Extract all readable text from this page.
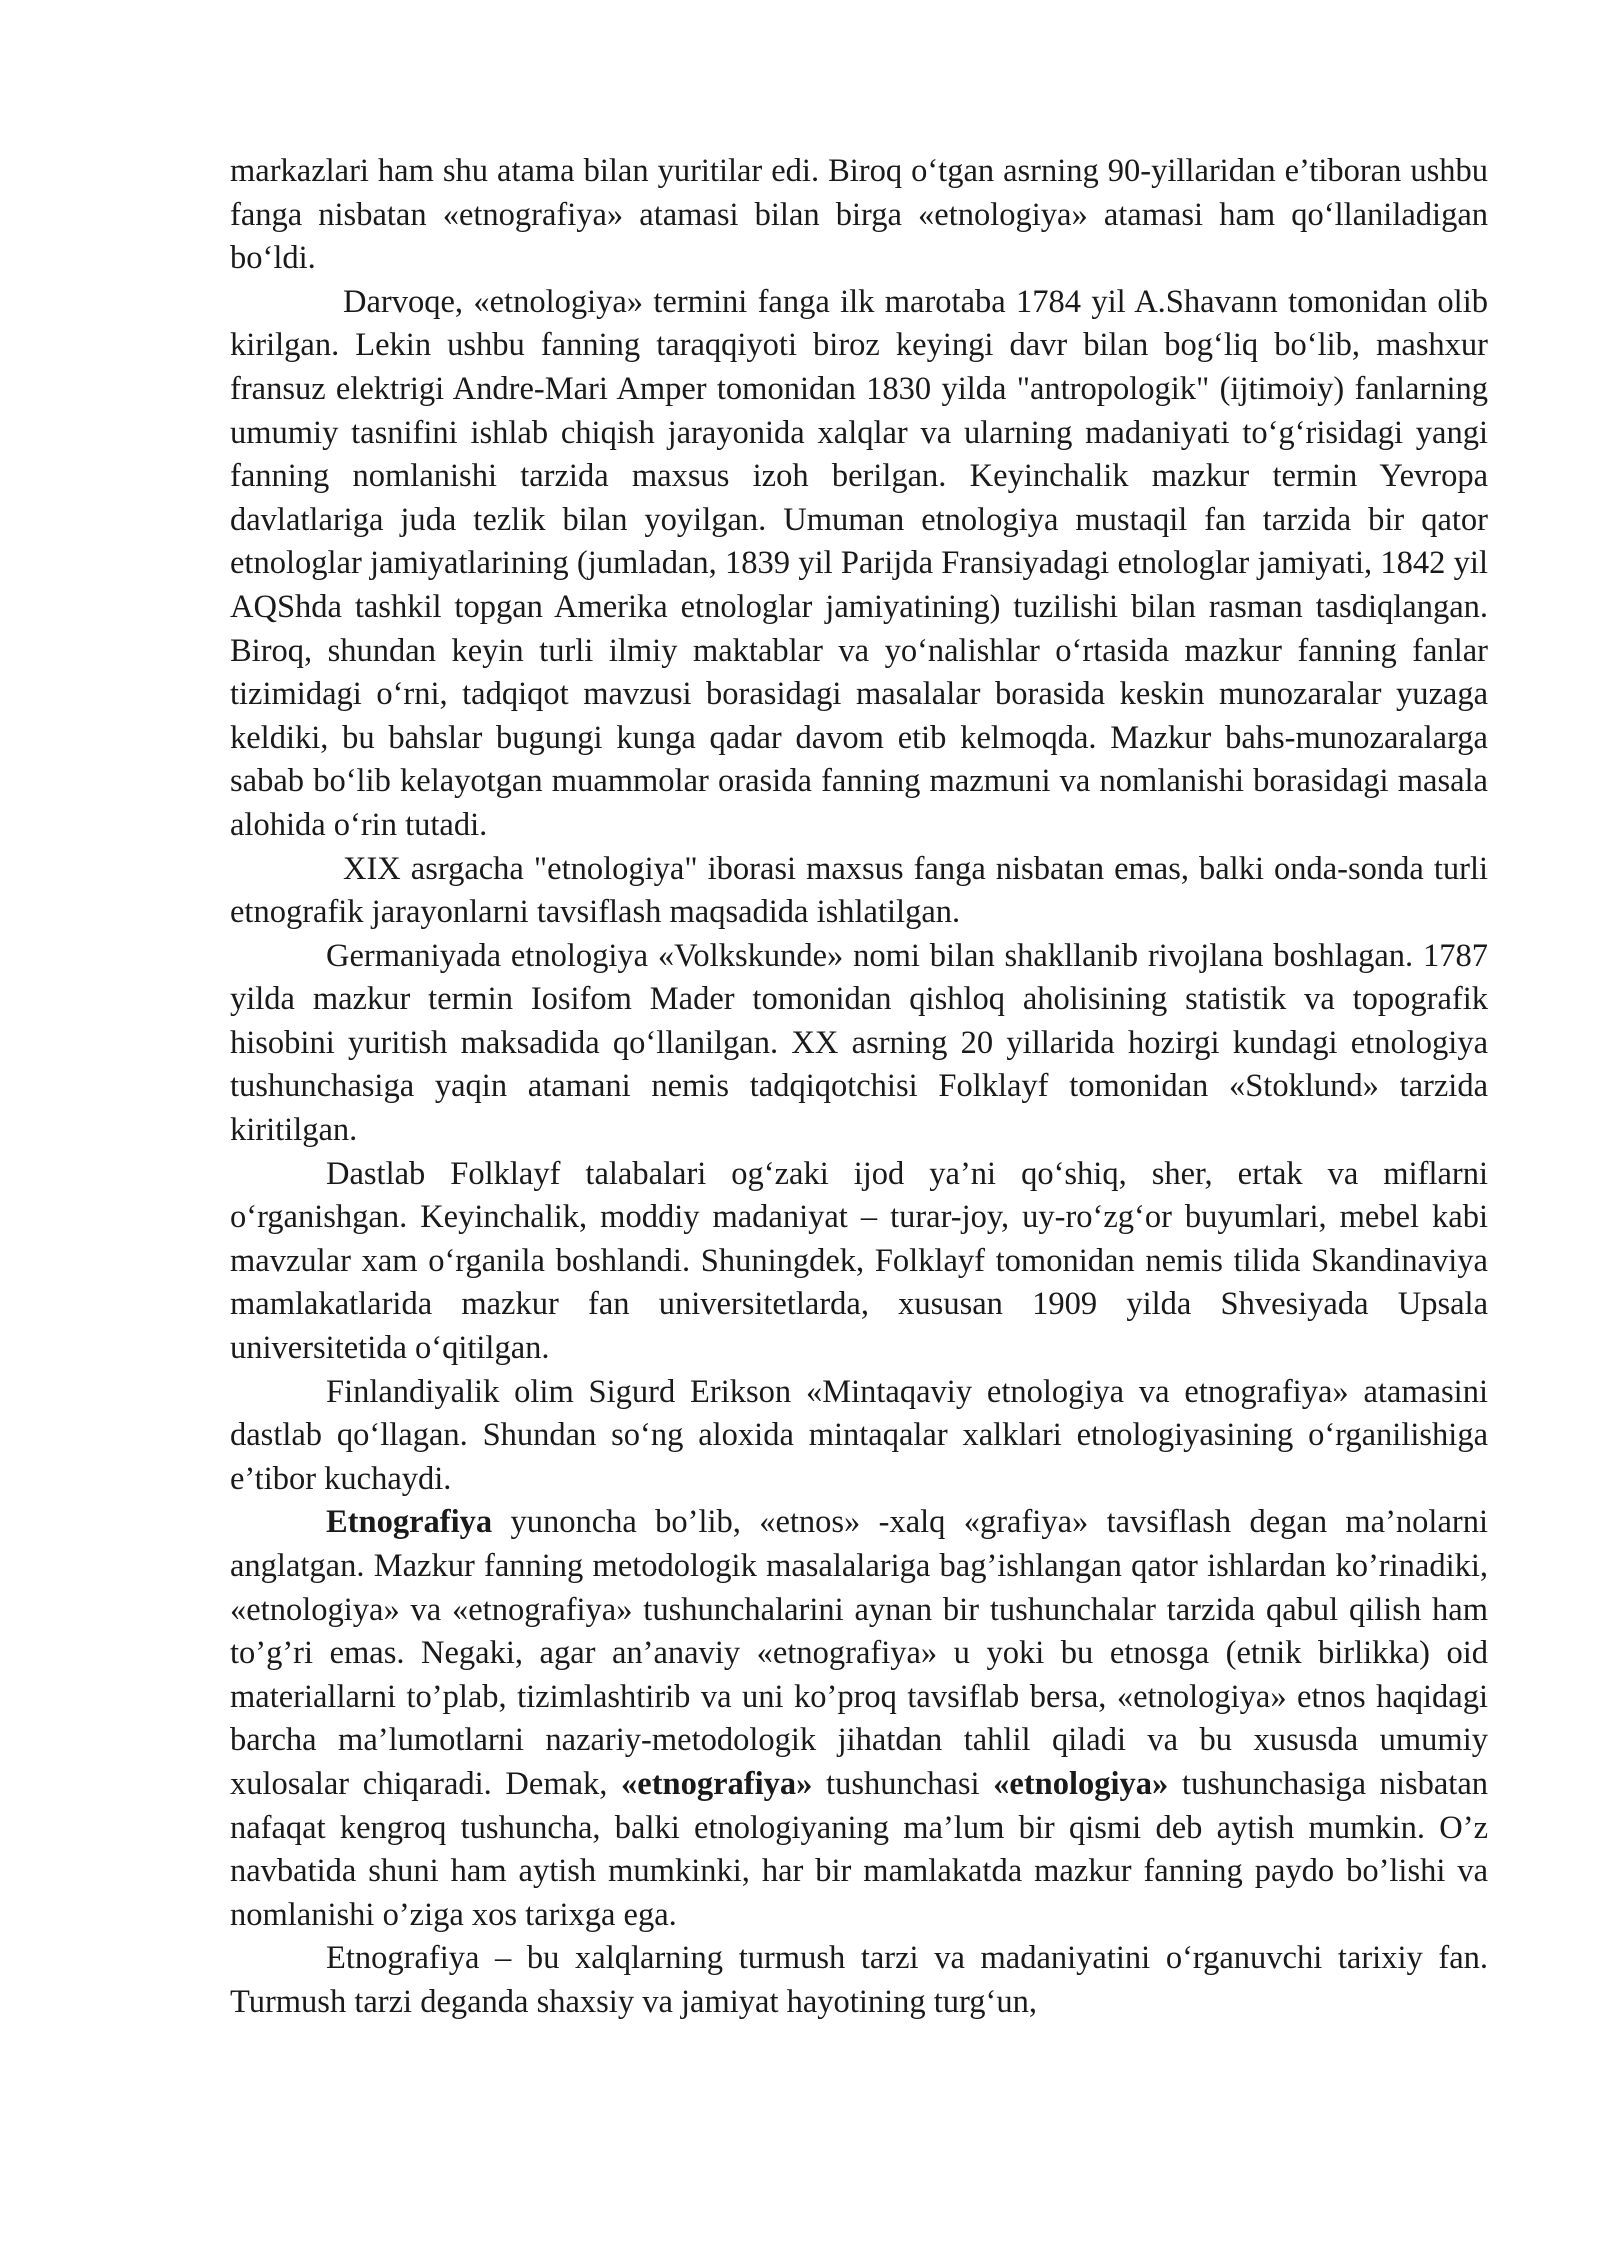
markazlari ham shu atama bilan yuritilar edi. Biroq o‘tgan asrning 90-yillaridan e’tiboran ushbu fanga nisbatan «etnografiya» atamasi bilan birga «etnologiya» atamasi ham qo‘llaniladigan bo‘ldi.

Darvoqe, «etnologiya» termini fanga ilk marotaba 1784 yil A.Shavann tomonidan olib kirilgan. Lekin ushbu fanning taraqqiyoti biroz keyingi davr bilan bog‘liq bo‘lib, mashxur fransuz elektrigi Andre-Mari Amper tomonidan 1830 yilda "antropologik" (ijtimoiy) fanlarning umumiy tasnifini ishlab chiqish jarayonida xalqlar va ularning madaniyati to‘g‘risidagi yangi fanning nomlanishi tarzida maxsus izoh berilgan. Keyinchalik mazkur termin Yevropa davlatlariga juda tezlik bilan yoyilgan. Umuman etnologiya mustaqil fan tarzida bir qator etnologlar jamiyatlarining (jumladan, 1839 yil Parijda Fransiyadagi etnologlar jamiyati, 1842 yil AQShda tashkil topgan Amerika etnologlar jamiyatining) tuzilishi bilan rasman tasdiqlangan. Biroq, shundan keyin turli ilmiy maktablar va yo‘nalishlar o‘rtasida mazkur fanning fanlar tizimidagi o‘rni, tadqiqot mavzusi borasidagi masalalar borasida keskin munozaralar yuzaga keldiki, bu bahslar bugungi kunga qadar davom etib kelmoqda. Mazkur bahs-munozaralarga sabab bo‘lib kelayotgan muammolar orasida fanning mazmuni va nomlanishi borasidagi masala alohida o‘rin tutadi.

XIX asrgacha "etnologiya" iborasi maxsus fanga nisbatan emas, balki onda-sonda turli etnografik jarayonlarni tavsiflash maqsadida ishlatilgan.

Germaniyada etnologiya «Volkskunde» nomi bilan shakllanib rivojlana boshlagan. 1787 yilda mazkur termin Iosifom Mader tomonidan qishloq aholisining statistik va topografik hisobini yuritish maksadida qo‘llanilgan. XX asrning 20 yillarida hozirgi kundagi etnologiya tushunchasiga yaqin atamani nemis tadqiqotchisi Folklayf tomonidan «Stoklund» tarzida kiritilgan.

Dastlab Folklayf talabalari og‘zaki ijod ya’ni qo‘shiq, sher, ertak va miflarni o‘rganishgan. Keyinchalik, moddiy madaniyat – turar-joy, uy-ro‘zg‘or buyumlari, mebel kabi mavzular xam o‘rganila boshlandi. Shuningdek, Folklayf tomonidan nemis tilida Skandinaviya mamlakatlarida mazkur fan universitetlarda, xususan 1909 yilda Shvesiyada Upsala universitetida o‘qitilgan.

Finlandiyalik olim Sigurd Erikson «Mintaqaviy etnologiya va etnografiya» atamasini dastlab qo‘llagan. Shundan so‘ng aloxida mintaqalar xalklari etnologiyasining o‘rganilishiga e’tibor kuchaydi.

Etnografiya yunoncha bo’lib, «etnos» -xalq «grafiya» tavsiflash degan ma’nolarni anglatgan. Mazkur fanning metodologik masalalariga bag’ishlangan qator ishlardan ko’rinadiki, «etnologiya» va «etnografiya» tushunchalarini aynan bir tushunchalar tarzida qabul qilish ham to’g’ri emas. Negaki, agar an’anaviy «etnografiya» u yoki bu etnosga (etnik birlikka) oid materiallarni to’plab, tizimlashtirib va uni ko’proq tavsiflab bersa, «etnologiya» etnos haqidagi barcha ma’lumotlarni nazariy-metodologik jihatdan tahlil qiladi va bu xususda umumiy xulosalar chiqaradi. Demak, «etnografiya» tushunchasi «etnologiya» tushunchasiga nisbatan nafaqat kengroq tushuncha, balki etnologiyaning ma’lum bir qismi deb aytish mumkin. O’z navbatida shuni ham aytish mumkinki, har bir mamlakatda mazkur fanning paydo bo’lishi va nomlanishi o’ziga xos tarixga ega.

Etnografiya – bu xalqlarning turmush tarzi va madaniyatini o‘rganuvchi tarixiy fan. Turmush tarzi deganda shaxsiy va jamiyat hayotining turg‘un,
